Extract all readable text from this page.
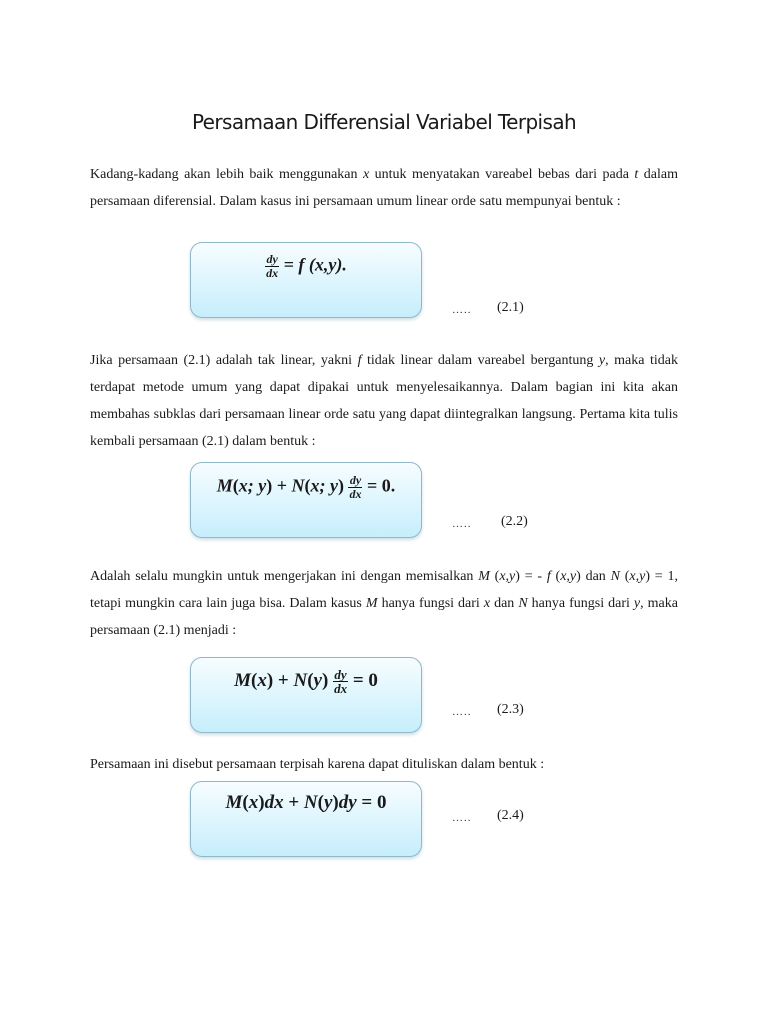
Persamaan Differensial Variabel Terpisah

Kadang-kadang akan lebih baik menggunakan x untuk menyatakan vareabel bebas dari pada t dalam persamaan diferensial. Dalam kasus ini persamaan umum linear orde satu mempunyai bentuk :

$\frac{dy}{dx} = f$ (x,y).
….. (2.1)

Jika persamaan (2.1) adalah tak linear, yakni f tidak linear dalam vareabel bergantung y, maka tidak terdapat metode umum yang dapat dipakai untuk menyelesaikannya. Dalam bagian ini kita akan membahas subklas dari persamaan linear orde satu yang dapat diintegralkan langsung. Pertama kita tulis kembali persamaan (2.1) dalam bentuk :

M(x; y) + N(x; $y) \frac{dy}{dx} = 0$.
….. (2.2)

Adalah selalu mungkin untuk mengerjakan ini dengan memisalkan M (x,y) = - f (x,y) dan N (x,y) = 1, tetapi mungkin cara lain juga bisa. Dalam kasus M hanya fungsi dari x dan N hanya fungsi dari y, maka persamaan (2.1) menjadi :

$M(x) + N(y) \frac{dy}{dx} = 0$
….. (2.3)

Persamaan ini disebut persamaan terpisah karena dapat dituliskan dalam bentuk :

M(x)dx + N(y)dy = 0
….. (2.4)
